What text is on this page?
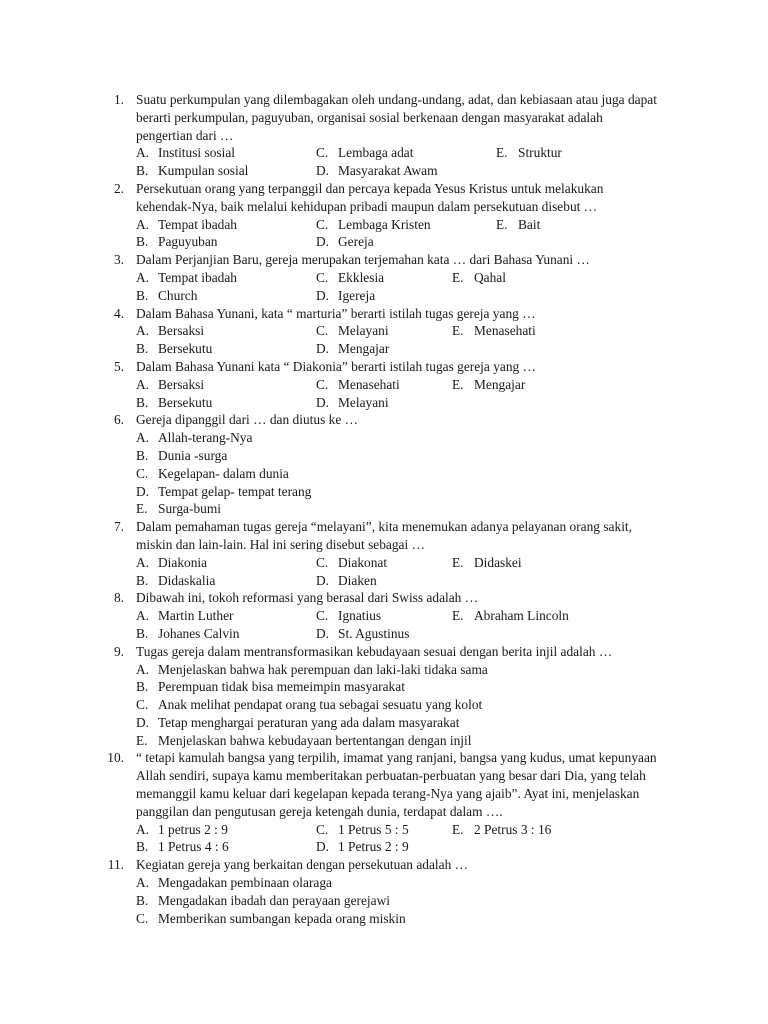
1. Suatu perkumpulan yang dilembagakan oleh undang-undang, adat, dan kebiasaan atau juga dapat
berarti perkumpulan, paguyuban, organisai sosial berkenaan dengan masyarakat adalah
pengertian dari …
A. Institusi sosial	C. Lembaga adat	E. Struktur
B. Kumpulan sosial	D. Masyarakat Awam
2. Persekutuan orang yang terpanggil dan percaya kepada Yesus Kristus untuk melakukan
kehendak-Nya, baik melalui kehidupan pribadi maupun dalam persekutuan disebut …
A. Tempat ibadah	C. Lembaga Kristen	E. Bait
B. Paguyuban	D. Gereja
3. Dalam Perjanjian Baru, gereja merupakan terjemahan kata … dari Bahasa Yunani …
A. Tempat ibadah	C. Ekklesia	E. Qahal
B. Church	D. Igereja
4. Dalam Bahasa Yunani, kata “ marturia” berarti istilah tugas gereja yang …
A. Bersaksi	C. Melayani	E. Menasehati
B. Bersekutu	D. Mengajar
5. Dalam Bahasa Yunani kata “ Diakonia” berarti istilah tugas gereja yang …
A. Bersaksi	C. Menasehati	E. Mengajar
B. Bersekutu	D. Melayani
6. Gereja dipanggil dari … dan diutus ke …
A. Allah-terang-Nya
B. Dunia -surga
C. Kegelapan- dalam dunia
D. Tempat gelap- tempat terang
E. Surga-bumi
7. Dalam pemahaman tugas gereja “melayani”, kita menemukan adanya pelayanan orang sakit,
miskin dan lain-lain. Hal ini sering disebut sebagai …
A. Diakonia	C. Diakonat	E. Didaskei
B. Didaskalia	D. Diaken
8. Dibawah ini, tokoh reformasi yang berasal dari Swiss adalah …
A. Martin Luther	C. Ignatius	E. Abraham Lincoln
B. Johanes Calvin	D. St. Agustinus
9. Tugas gereja dalam mentransformasikan kebudayaan sesuai dengan berita injil adalah …
A. Menjelaskan bahwa hak perempuan dan laki-laki tidaka sama
B. Perempuan tidak bisa memeimpin masyarakat
C. Anak melihat pendapat orang tua sebagai sesuatu yang kolot
D. Tetap menghargai peraturan yang ada dalam masyarakat
E. Menjelaskan bahwa kebudayaan bertentangan dengan injil
10. “ tetapi kamulah bangsa yang terpilih, imamat yang ranjani, bangsa yang kudus, umat kepunyaan
Allah sendiri, supaya kamu memberitakan perbuatan-perbuatan yang besar dari Dia, yang telah
memanggil kamu keluar dari kegelapan kepada terang-Nya yang ajaib”. Ayat ini, menjelaskan
panggilan dan pengutusan gereja ketengah dunia, terdapat dalam ….
A. 1 petrus 2 : 9	C. 1 Petrus 5 : 5	E. 2 Petrus 3 : 16
B. 1 Petrus 4 : 6	D. 1 Petrus 2 : 9
11. Kegiatan gereja yang berkaitan dengan persekutuan adalah …
A. Mengadakan pembinaan olaraga
B. Mengadakan ibadah dan perayaan gerejawi
C. Memberikan sumbangan kepada orang miskin
